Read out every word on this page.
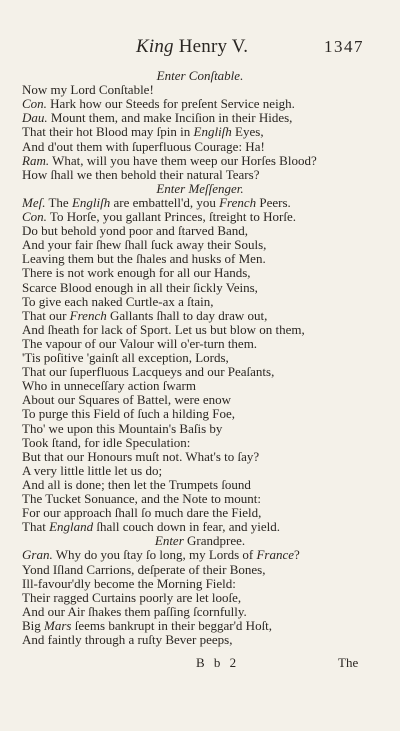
King Henry V.	1347
Enter Conſtable.
Now my Lord Conſtable!
Con. Hark how our Steeds for preſent Service neigh.
Dau. Mount them, and make Inciſion in their Hides,
That their hot Blood may ſpin in Engliſh Eyes,
And d'out them with ſuperfluous Courage: Ha!
Ram. What, will you have them weep our Horſes Blood?
How ſhall we then behold their natural Tears?
Enter Meſſenger.
Meſ. The Engliſh are embattell'd, you French Peers.
Con. To Horſe, you gallant Princes, ſtreight to Horſe.
Do but behold yond poor and ſtarved Band,
And your fair ſhew ſhall ſuck away their Souls,
Leaving them but the ſhales and husks of Men.
There is not work enough for all our Hands,
Scarce Blood enough in all their ſickly Veins,
To give each naked Curtle-ax a ſtain,
That our French Gallants ſhall to day draw out,
And ſheath for lack of Sport. Let us but blow on them,
The vapour of our Valour will o'er-turn them.
'Tis poſitive 'gainſt all exception, Lords,
That our ſuperfluous Lacqueys and our Peaſants,
Who in unneceſſary action ſwarm
About our Squares of Battel, were enow
To purge this Field of ſuch a hilding Foe,
Tho' we upon this Mountain's Baſis by
Took ſtand, for idle Speculation:
But that our Honours muſt not. What's to ſay?
A very little little let us do;
And all is done; then let the Trumpets ſound
The Tucket Sonuance, and the Note to mount:
For our approach ſhall ſo much dare the Field,
That England ſhall couch down in fear, and yield.
Enter Grandpree.
Gran. Why do you ſtay ſo long, my Lords of France?
Yond Iſland Carrions, deſperate of their Bones,
Ill-favour'dly become the Morning Field:
Their ragged Curtains poorly are let looſe,
And our Air ſhakes them paſſing ſcornfully.
Big Mars ſeems bankrupt in their beggar'd Hoſt,
And faintly through a ruſty Bever peeps,
B b 2	The
